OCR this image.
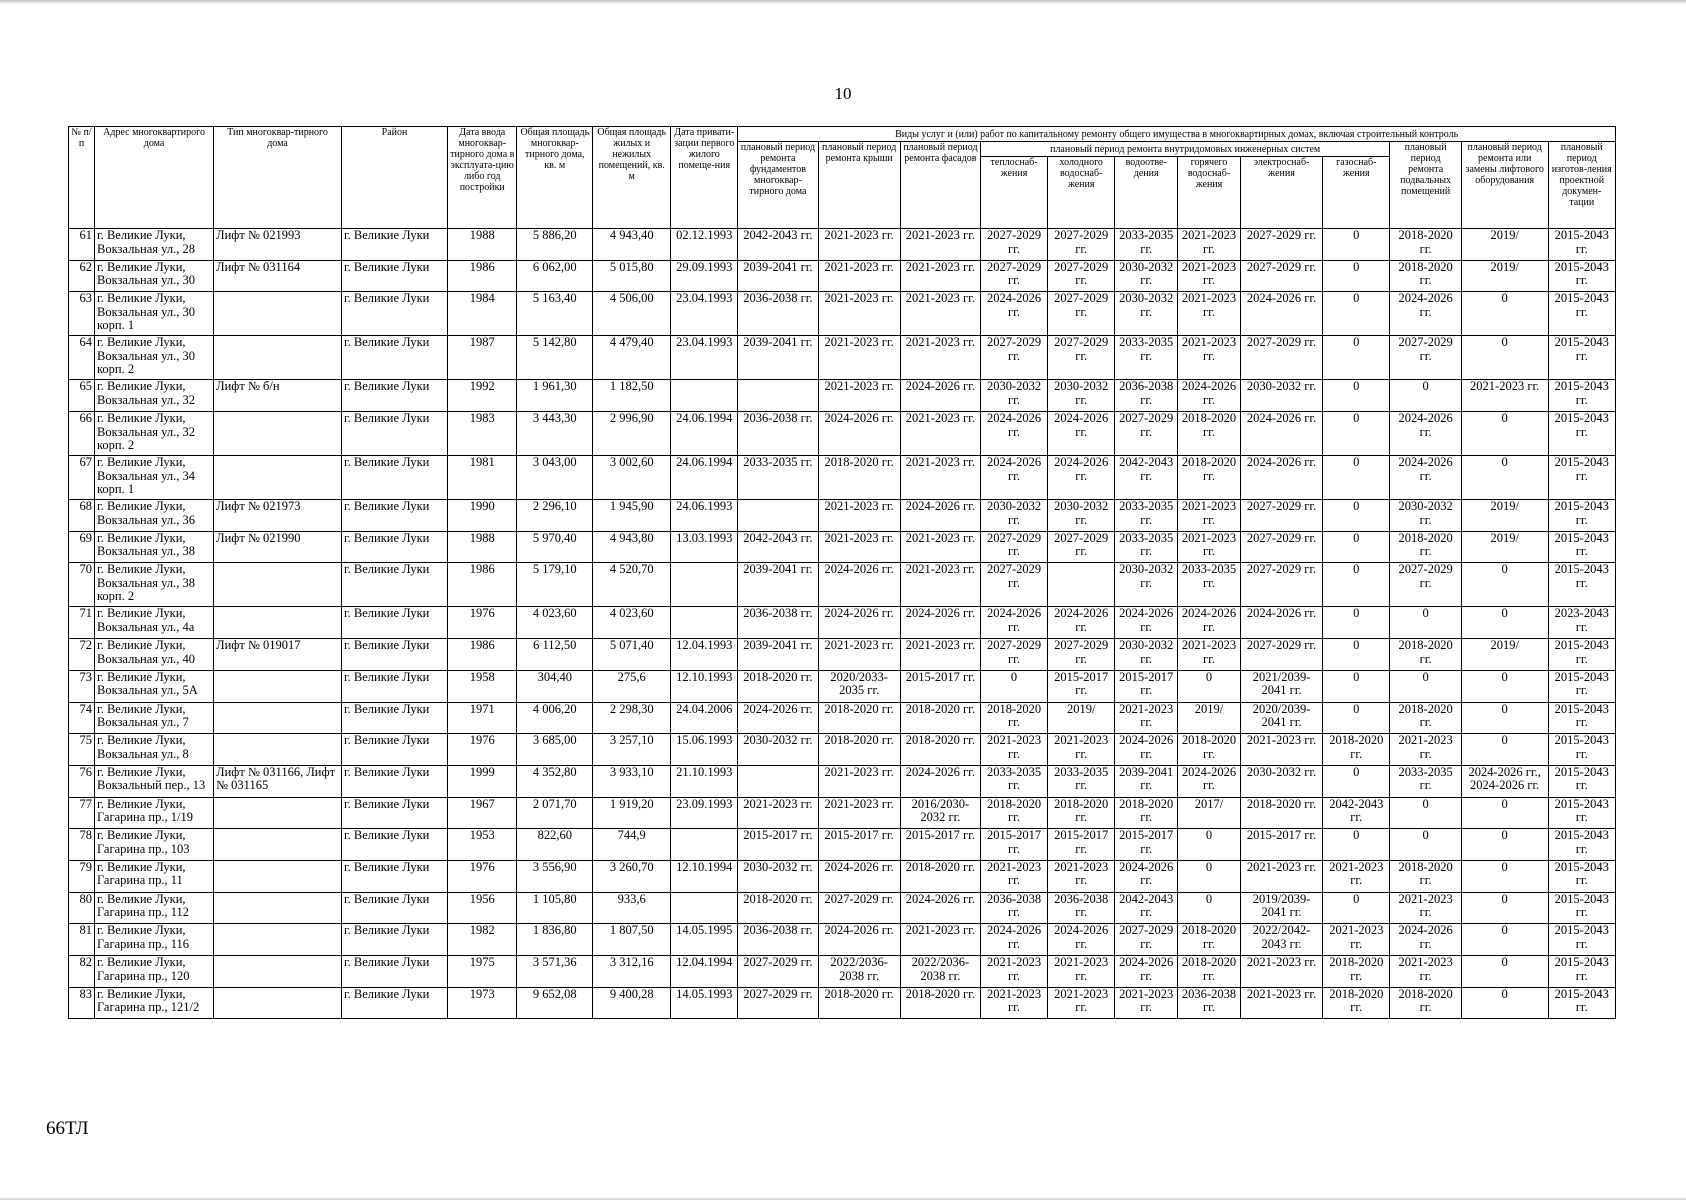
10
№ п/п	Адрес многоквартирого дома	Тип многоквар-тирного дома	Район	Дата ввода многоквар-тирного дома в эксплуата-цию либо год постройки	Общая площадь многоквар-тирного дома, кв. м	Общая площадь жилых и нежилых помещений, кв. м	Дата привати-зации первого жилого помеще-ния	Виды услуг и (или) работ по капитальному ремонту общего имущества в многоквартирных домах, включая строительный контроль											
								плановый период ремонта фундаментов многоквар-тирного дома	плановый период ремонта крыши	плановый период ремонта фасадов	плановый период ремонта внутридомовых инженерных систем						плановый период ремонта подвальных помещений	плановый период ремонта или замены лифтового оборудования	плановый период изготов-ления проектной докумен-тации
											теплоснаб-жения	холодного водоснаб-жения	водоотве-дения	горячего водоснаб-жения	электроснаб-жения	газоснаб-жения			
61	г. Великие Луки, Вокзальная ул., 28	Лифт № 021993	г. Великие Луки	1988	5 886,20	4 943,40	02.12.1993	2042-2043 гг.	2021-2023 гг.	2021-2023 гг.	2027-2029 гг.	2027-2029 гг.	2033-2035 гг.	2021-2023 гг.	2027-2029 гг.	0	2018-2020 гг.	2019/	2015-2043 гг.
62	г. Великие Луки, Вокзальная ул., 30	Лифт № 031164	г. Великие Луки	1986	6 062,00	5 015,80	29.09.1993	2039-2041 гг.	2021-2023 гг.	2021-2023 гг.	2027-2029 гг.	2027-2029 гг.	2030-2032 гг.	2021-2023 гг.	2027-2029 гг.	0	2018-2020 гг.	2019/	2015-2043 гг.
63	г. Великие Луки, Вокзальная ул., 30 корп. 1		г. Великие Луки	1984	5 163,40	4 506,00	23.04.1993	2036-2038 гг.	2021-2023 гг.	2021-2023 гг.	2024-2026 гг.	2027-2029 гг.	2030-2032 гг.	2021-2023 гг.	2024-2026 гг.	0	2024-2026 гг.	0	2015-2043 гг.
64	г. Великие Луки, Вокзальная ул., 30 корп. 2		г. Великие Луки	1987	5 142,80	4 479,40	23.04.1993	2039-2041 гг.	2021-2023 гг.	2021-2023 гг.	2027-2029 гг.	2027-2029 гг.	2033-2035 гг.	2021-2023 гг.	2027-2029 гг.	0	2027-2029 гг.	0	2015-2043 гг.
65	г. Великие Луки, Вокзальная ул., 32	Лифт № б/н	г. Великие Луки	1992	1 961,30	1 182,50			2021-2023 гг.	2024-2026 гг.	2030-2032 гг.	2030-2032 гг.	2036-2038 гг.	2024-2026 гг.	2030-2032 гг.	0	0	2021-2023 гг.	2015-2043 гг.
66	г. Великие Луки, Вокзальная ул., 32 корп. 2		г. Великие Луки	1983	3 443,30	2 996,90	24.06.1994	2036-2038 гг.	2024-2026 гг.	2021-2023 гг.	2024-2026 гг.	2024-2026 гг.	2027-2029 гг.	2018-2020 гг.	2024-2026 гг.	0	2024-2026 гг.	0	2015-2043 гг.
67	г. Великие Луки, Вокзальная ул., 34 корп. 1		г. Великие Луки	1981	3 043,00	3 002,60	24.06.1994	2033-2035 гг.	2018-2020 гг.	2021-2023 гг.	2024-2026 гг.	2024-2026 гг.	2042-2043 гг.	2018-2020 гг.	2024-2026 гг.	0	2024-2026 гг.	0	2015-2043 гг.
68	г. Великие Луки, Вокзальная ул., 36	Лифт № 021973	г. Великие Луки	1990	2 296,10	1 945,90	24.06.1993		2021-2023 гг.	2024-2026 гг.	2030-2032 гг.	2030-2032 гг.	2033-2035 гг.	2021-2023 гг.	2027-2029 гг.	0	2030-2032 гг.	2019/	2015-2043 гг.
69	г. Великие Луки, Вокзальная ул., 38	Лифт № 021990	г. Великие Луки	1988	5 970,40	4 943,80	13.03.1993	2042-2043 гг.	2021-2023 гг.	2021-2023 гг.	2027-2029 гг.	2027-2029 гг.	2033-2035 гг.	2021-2023 гг.	2027-2029 гг.	0	2018-2020 гг.	2019/	2015-2043 гг.
70	г. Великие Луки, Вокзальная ул., 38 корп. 2		г. Великие Луки	1986	5 179,10	4 520,70		2039-2041 гг.	2024-2026 гг.	2021-2023 гг.	2027-2029 гг.		2030-2032 гг.	2033-2035 гг.	2027-2029 гг.	0	2027-2029 гг.	0	2015-2043 гг.
71	г. Великие Луки, Вокзальная ул., 4а		г. Великие Луки	1976	4 023,60	4 023,60		2036-2038 гг.	2024-2026 гг.	2024-2026 гг.	2024-2026 гг.	2024-2026 гг.	2024-2026 гг.	2024-2026 гг.	2024-2026 гг.	0	0	0	2023-2043 гг.
72	г. Великие Луки, Вокзальная ул., 40	Лифт № 019017	г. Великие Луки	1986	6 112,50	5 071,40	12.04.1993	2039-2041 гг.	2021-2023 гг.	2021-2023 гг.	2027-2029 гг.	2027-2029 гг.	2030-2032 гг.	2021-2023 гг.	2027-2029 гг.	0	2018-2020 гг.	2019/	2015-2043 гг.
73	г. Великие Луки, Вокзальная ул., 5А		г. Великие Луки	1958	304,40	275,6	12.10.1993	2018-2020 гг.	2020/2033-2035 гг.	2015-2017 гг.	0	2015-2017 гг.	2015-2017 гг.	0	2021/2039-2041 гг.	0	0	0	2015-2043 гг.
74	г. Великие Луки, Вокзальная ул., 7		г. Великие Луки	1971	4 006,20	2 298,30	24.04.2006	2024-2026 гг.	2018-2020 гг.	2018-2020 гг.	2018-2020 гг.	2019/	2021-2023 гг.	2019/	2020/2039-2041 гг.	0	2018-2020 гг.	0	2015-2043 гг.
75	г. Великие Луки, Вокзальная ул., 8		г. Великие Луки	1976	3 685,00	3 257,10	15.06.1993	2030-2032 гг.	2018-2020 гг.	2018-2020 гг.	2021-2023 гг.	2021-2023 гг.	2024-2026 гг.	2018-2020 гг.	2021-2023 гг.	2018-2020 гг.	2021-2023 гг.	0	2015-2043 гг.
76	г. Великие Луки, Вокзальный пер., 13	Лифт № 031166, Лифт № 031165	г. Великие Луки	1999	4 352,80	3 933,10	21.10.1993		2021-2023 гг.	2024-2026 гг.	2033-2035 гг.	2033-2035 гг.	2039-2041 гг.	2024-2026 гг.	2030-2032 гг.	0	2033-2035 гг.	2024-2026 гг., 2024-2026 гг.	2015-2043 гг.
77	г. Великие Луки, Гагарина пр., 1/19		г. Великие Луки	1967	2 071,70	1 919,20	23.09.1993	2021-2023 гг.	2021-2023 гг.	2016/2030-2032 гг.	2018-2020 гг.	2018-2020 гг.	2018-2020 гг.	2017/	2018-2020 гг.	2042-2043 гг.	0	0	2015-2043 гг.
78	г. Великие Луки, Гагарина пр., 103		г. Великие Луки	1953	822,60	744,9		2015-2017 гг.	2015-2017 гг.	2015-2017 гг.	2015-2017 гг.	2015-2017 гг.	2015-2017 гг.	0	2015-2017 гг.	0	0	0	2015-2043 гг.
79	г. Великие Луки, Гагарина пр., 11		г. Великие Луки	1976	3 556,90	3 260,70	12.10.1994	2030-2032 гг.	2024-2026 гг.	2018-2020 гг.	2021-2023 гг.	2021-2023 гг.	2024-2026 гг.	0	2021-2023 гг.	2021-2023 гг.	2018-2020 гг.	0	2015-2043 гг.
80	г. Великие Луки, Гагарина пр., 112		г. Великие Луки	1956	1 105,80	933,6		2018-2020 гг.	2027-2029 гг.	2024-2026 гг.	2036-2038 гг.	2036-2038 гг.	2042-2043 гг.	0	2019/2039-2041 гг.	0	2021-2023 гг.	0	2015-2043 гг.
81	г. Великие Луки, Гагарина пр., 116		г. Великие Луки	1982	1 836,80	1 807,50	14.05.1995	2036-2038 гг.	2024-2026 гг.	2021-2023 гг.	2024-2026 гг.	2024-2026 гг.	2027-2029 гг.	2018-2020 гг.	2022/2042-2043 гг.	2021-2023 гг.	2024-2026 гг.	0	2015-2043 гг.
82	г. Великие Луки, Гагарина пр., 120		г. Великие Луки	1975	3 571,36	3 312,16	12.04.1994	2027-2029 гг.	2022/2036-2038 гг.	2022/2036-2038 гг.	2021-2023 гг.	2021-2023 гг.	2024-2026 гг.	2018-2020 гг.	2021-2023 гг.	2018-2020 гг.	2021-2023 гг.	0	2015-2043 гг.
83	г. Великие Луки, Гагарина пр., 121/2		г. Великие Луки	1973	9 652,08	9 400,28	14.05.1993	2027-2029 гг.	2018-2020 гг.	2018-2020 гг.	2021-2023 гг.	2021-2023 гг.	2021-2023 гг.	2036-2038 гг.	2021-2023 гг.	2018-2020 гг.	2018-2020 гг.	0	2015-2043 гг.
66ТЛ
